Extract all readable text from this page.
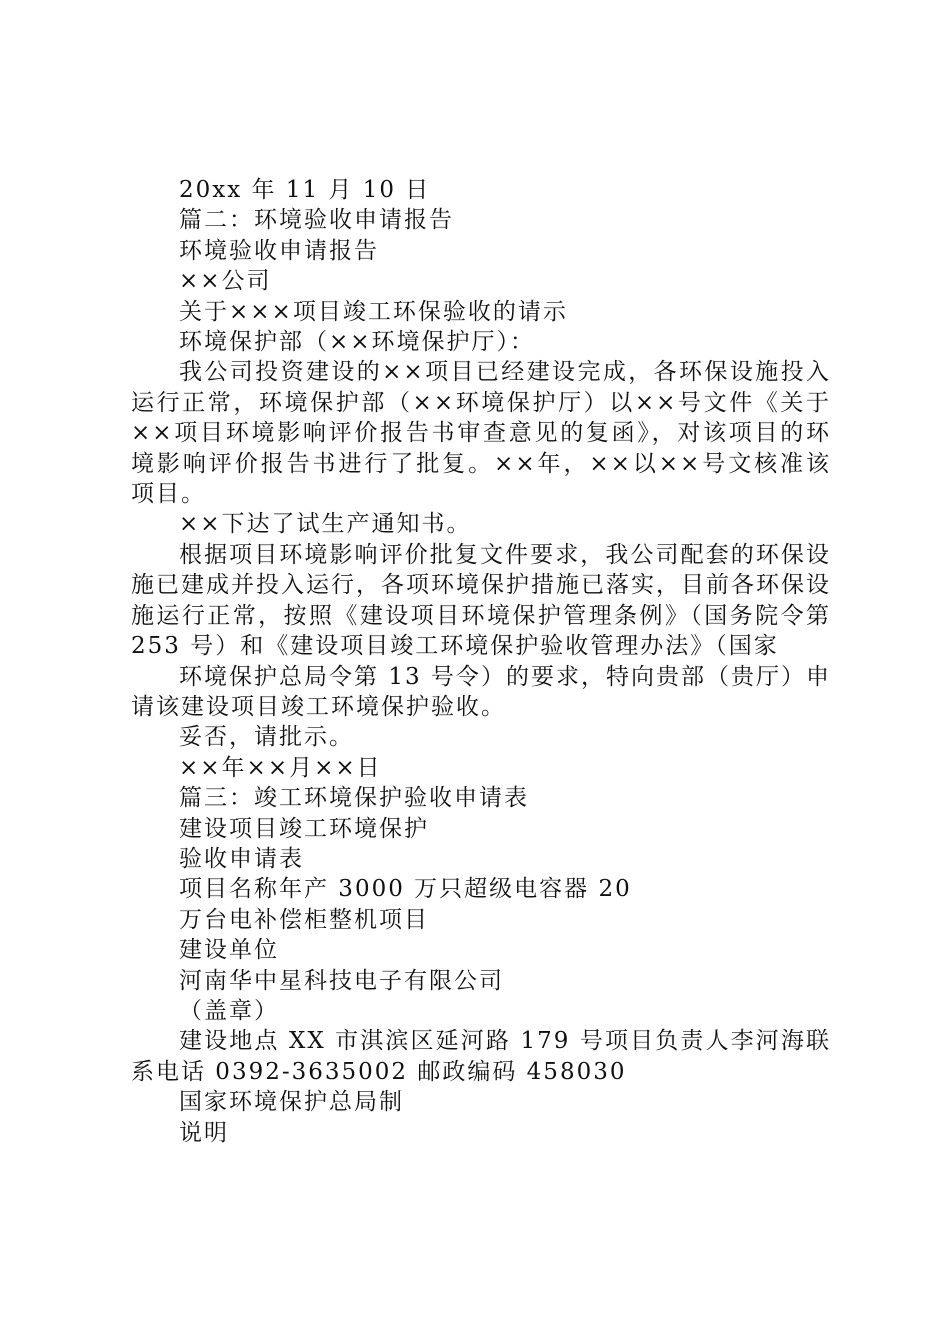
20xx 年 11 月 10 日

篇二：环境验收申请报告

环境验收申请报告

××公司

关于×××项目竣工环保验收的请示

环境保护部（××环境保护厅）：

我公司投资建设的××项目已经建设完成，各环保设施投入运行正常，环境保护部（××环境保护厅）以××号文件《关于××项目环境影响评价报告书审查意见的复函》，对该项目的环境影响评价报告书进行了批复。××年，××以××号文核准该项目。

××下达了试生产通知书。

根据项目环境影响评价批复文件要求，我公司配套的环保设施已建成并投入运行，各项环境保护措施已落实，目前各环保设施运行正常，按照《建设项目环境保护管理条例》（国务院令第 253 号）和《建设项目竣工环境保护验收管理办法》（国家

环境保护总局令第 13 号令）的要求，特向贵部（贵厅）申请该建设项目竣工环境保护验收。

妥否，请批示。

××年××月××日

篇三：竣工环境保护验收申请表

建设项目竣工环境保护

验收申请表

项目名称年产 3000 万只超级电容器 20

万台电补偿柜整机项目

建设单位

河南华中星科技电子有限公司

（盖章）

建设地点 XX 市淇滨区延河路 179 号项目负责人李河海联系电话 0392-3635002 邮政编码 458030

国家环境保护总局制

说明
